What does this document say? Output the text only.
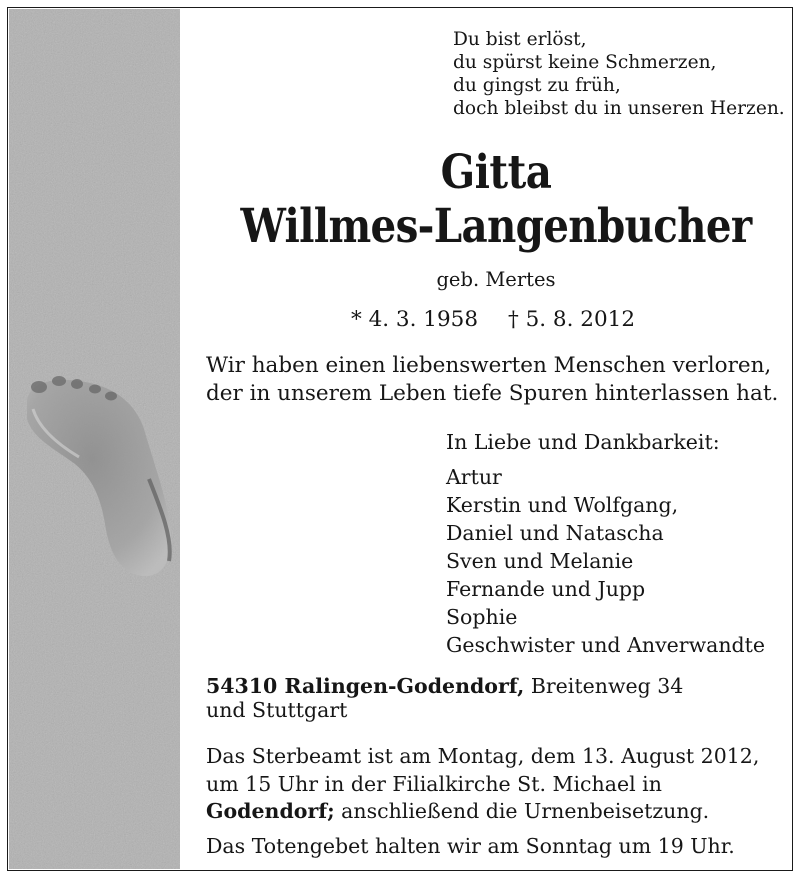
Du bist erlöst,
du spürst keine Schmerzen,
du gingst zu früh,
doch bleibst du in unseren Herzen.

Gitta

Willmes-Langenbucher

geb. Mertes

* 4. 3. 1958 † 5. 8. 2012

Wir haben einen liebenswerten Menschen verloren,
der in unserem Leben tiefe Spuren hinterlassen hat.

In Liebe und Dankbarkeit:

Artur
Kerstin und Wolfgang,
Daniel und Natascha
Sven und Melanie
Fernande und Jupp
Sophie
Geschwister und Anverwandte

54310 Ralingen-Godendorf, Breitenweg 34

und Stuttgart

Das Sterbeamt ist am Montag, dem 13. August 2012, um 15 Uhr in der Filialkirche St. Michael in Godendorf; anschließend die Urnenbeisetzung.

Das Totengebet halten wir am Sonntag um 19 Uhr.
